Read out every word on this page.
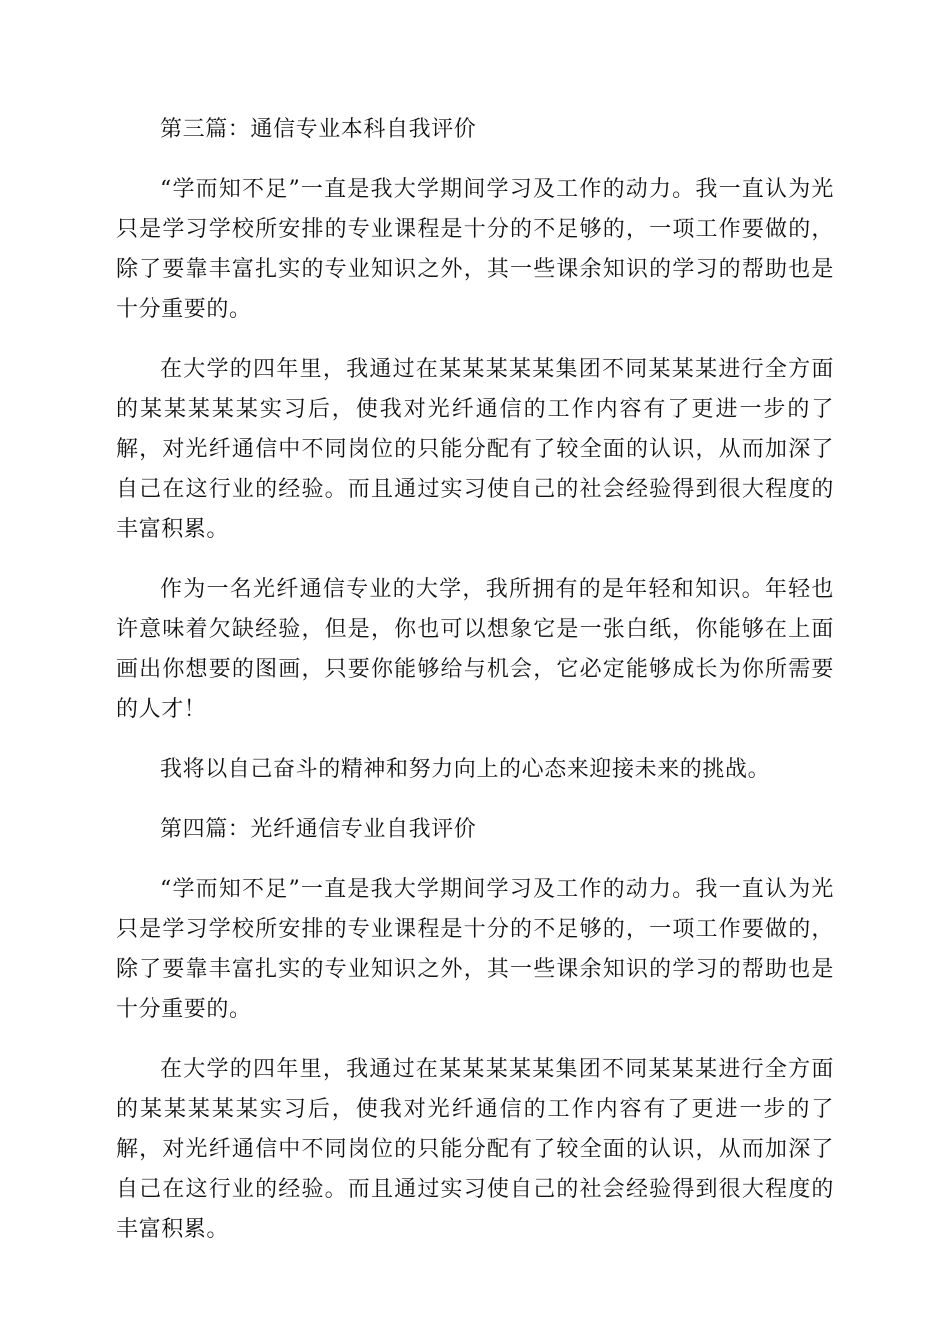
第三篇：通信专业本科自我评价

“学而知不足”一直是我大学期间学习及工作的动力。我一直认为光只是学习学校所安排的专业课程是十分的不足够的，一项工作要做的，除了要靠丰富扎实的专业知识之外，其一些课余知识的学习的帮助也是十分重要的。

在大学的四年里，我通过在某某某某某集团不同某某某进行全方面的某某某某某实习后，使我对光纤通信的工作内容有了更进一步的了解，对光纤通信中不同岗位的只能分配有了较全面的认识，从而加深了自己在这行业的经验。而且通过实习使自己的社会经验得到很大程度的丰富积累。

作为一名光纤通信专业的大学，我所拥有的是年轻和知识。年轻也许意味着欠缺经验，但是，你也可以想象它是一张白纸，你能够在上面画出你想要的图画，只要你能够给与机会，它必定能够成长为你所需要的人才！

我将以自己奋斗的精神和努力向上的心态来迎接未来的挑战。

第四篇：光纤通信专业自我评价

“学而知不足”一直是我大学期间学习及工作的动力。我一直认为光只是学习学校所安排的专业课程是十分的不足够的，一项工作要做的，除了要靠丰富扎实的专业知识之外，其一些课余知识的学习的帮助也是十分重要的。

在大学的四年里，我通过在某某某某某集团不同某某某进行全方面的某某某某某实习后，使我对光纤通信的工作内容有了更进一步的了解，对光纤通信中不同岗位的只能分配有了较全面的认识，从而加深了自己在这行业的经验。而且通过实习使自己的社会经验得到很大程度的丰富积累。
